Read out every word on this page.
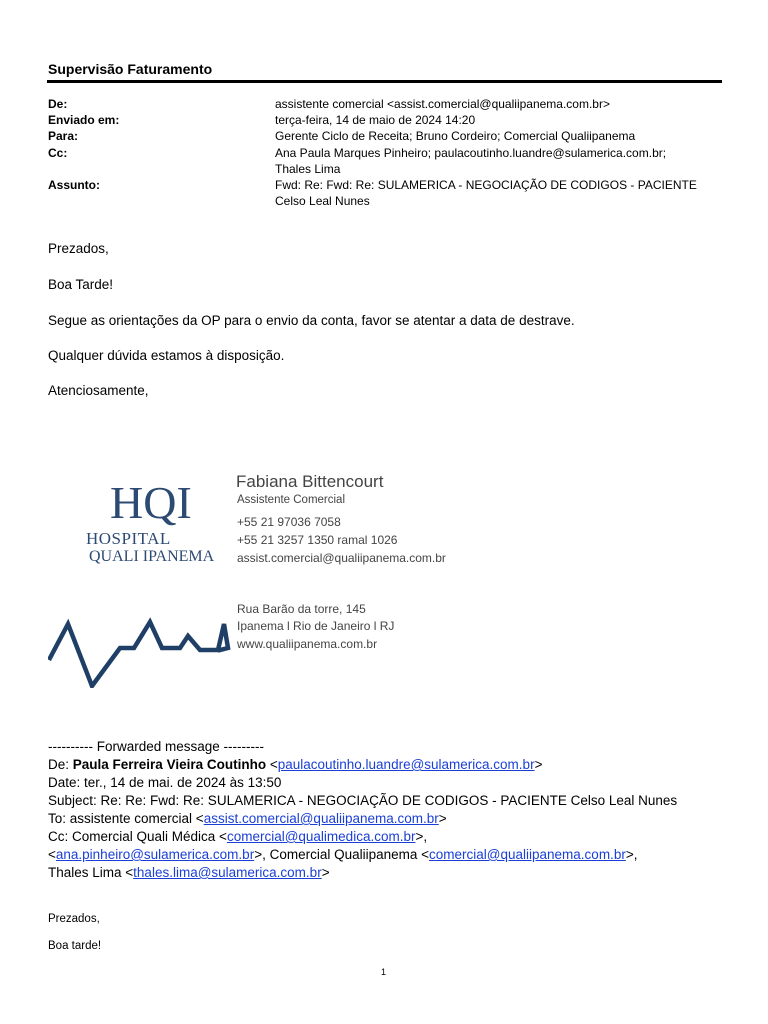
Supervisão Faturamento
De:	assistente comercial <assist.comercial@qualiipanema.com.br>
Enviado em:	terça-feira, 14 de maio de 2024 14:20
Para:	Gerente Ciclo de Receita; Bruno Cordeiro; Comercial Qualiipanema
Cc:	Ana Paula Marques Pinheiro; paulacoutinho.luandre@sulamerica.com.br;
Thales Lima
Assunto:	Fwd: Re: Fwd: Re: SULAMERICA - NEGOCIAÇÃO DE CODIGOS - PACIENTE
Celso Leal Nunes
Prezados,
Boa Tarde!
Segue as orientações da OP para o envio da conta, favor se atentar a data de destrave.
Qualquer dúvida estamos à disposição.
Atenciosamente,
HQI
HOSPITAL
QUALI IPANEMA
Fabiana Bittencourt
Assistente Comercial
+55 21 97036 7058
+55 21 3257 1350 ramal 1026
assist.comercial@qualiipanema.com.br
Rua Barão da torre, 145
Ipanema l Rio de Janeiro l RJ
www.qualiipanema.com.br
---------- Forwarded message ---------
De: Paula Ferreira Vieira Coutinho <paulacoutinho.luandre@sulamerica.com.br>
Date: ter., 14 de mai. de 2024 às 13:50
Subject: Re: Re: Fwd: Re: SULAMERICA - NEGOCIAÇÃO DE CODIGOS - PACIENTE Celso Leal Nunes
To: assistente comercial <assist.comercial@qualiipanema.com.br>
Cc: Comercial Quali Médica <comercial@qualimedica.com.br>,
<ana.pinheiro@sulamerica.com.br>, Comercial Qualiipanema <comercial@qualiipanema.com.br>,
Thales Lima <thales.lima@sulamerica.com.br>
Prezados,
Boa tarde!
1
